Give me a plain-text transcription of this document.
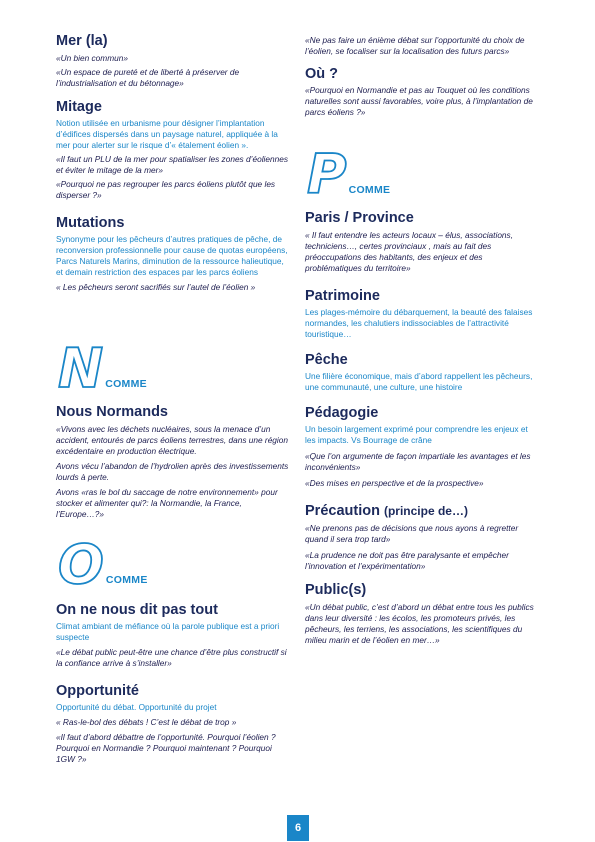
Mer (la)

«Un bien commun»

«Un espace de pureté et de liberté à préserver de l’industrialisation et du bétonnage»

Mitage

Notion utilisée en urbanisme pour désigner l’implantation d’édifices dispersés dans un paysage naturel, appliquée à la mer pour alerter sur le risque d’« étalement éolien ».

«Il faut un PLU de la mer pour spatialiser les zones d’éoliennes et éviter le mitage de la mer»

«Pourquoi ne pas regrouper les parcs éoliens plutôt que les disperser ?»

Mutations

Synonyme pour les pêcheurs d’autres pratiques de pêche, de reconversion professionnelle pour cause de quotas européens, Parcs Naturels Marins, diminution de la ressource halieutique, et demain restriction des espaces par les parcs éoliens

« Les pêcheurs seront sacrifiés sur l’autel de l’éolien »

N COMME
Nous Normands

«Vivons avec les déchets nucléaires, sous la menace d’un accident, entourés de parcs éoliens terrestres, dans une région excédentaire en production électrique.

Avons vécu l’abandon de l’hydrolien après des investissements lourds à perte.

Avons «ras le bol du saccage de notre environnement» pour stocker et alimenter qui?: la Normandie, la France, l’Europe…?»

O COMME
On ne nous dit pas tout

Climat ambiant de méfiance où la parole publique est a priori suspecte

«Le débat public peut-être une chance d’être plus constructif si la confiance arrive à s’installer»

Opportunité

Opportunité du débat. Opportunité du projet

« Ras-le-bol des débats ! C’est le débat de trop »

«Il faut d’abord débattre de l’opportunité. Pourquoi l’éolien ? Pourquoi en Normandie ? Pourquoi maintenant ? Pourquoi 1GW ?»

«Ne pas faire un énième débat sur l’opportunité du choix de l’éolien, se focaliser sur la localisation des futurs parcs»

Où ?

«Pourquoi en Normandie et pas au Touquet où les conditions naturelles sont aussi favorables, voire plus, à l’implantation de parcs éoliens ?»

P COMME
Paris / Province

« Il faut entendre les acteurs locaux – élus, associations, techniciens…, certes provinciaux , mais au fait des préoccupations des habitants, des enjeux et des problématiques du territoire»

Patrimoine

Les plages-mémoire du débarquement, la beauté des falaises normandes, les chalutiers indissociables de l’attractivité touristique…

Pêche

Une filière économique, mais d’abord rappellent les pêcheurs, une communauté, une culture, une histoire

Pédagogie

Un besoin largement exprimé pour comprendre les enjeux et les impacts. Vs Bourrage de crâne

«Que l’on argumente de façon impartiale les avantages et les inconvénients»

«Des mises en perspective et de la prospective»

Précaution (principe de…)

«Ne prenons pas de décisions que nous ayons à regretter quand il sera trop tard»

«La prudence ne doit pas être paralysante et empêcher l’innovation et l’expérimentation»

Public(s)

«Un débat public, c’est d’abord un débat entre tous les publics dans leur diversité : les écolos, les promoteurs privés, les pêcheurs, les terriens, les associations, les scientifiques du milieu marin et de l’éolien en mer…»

6
